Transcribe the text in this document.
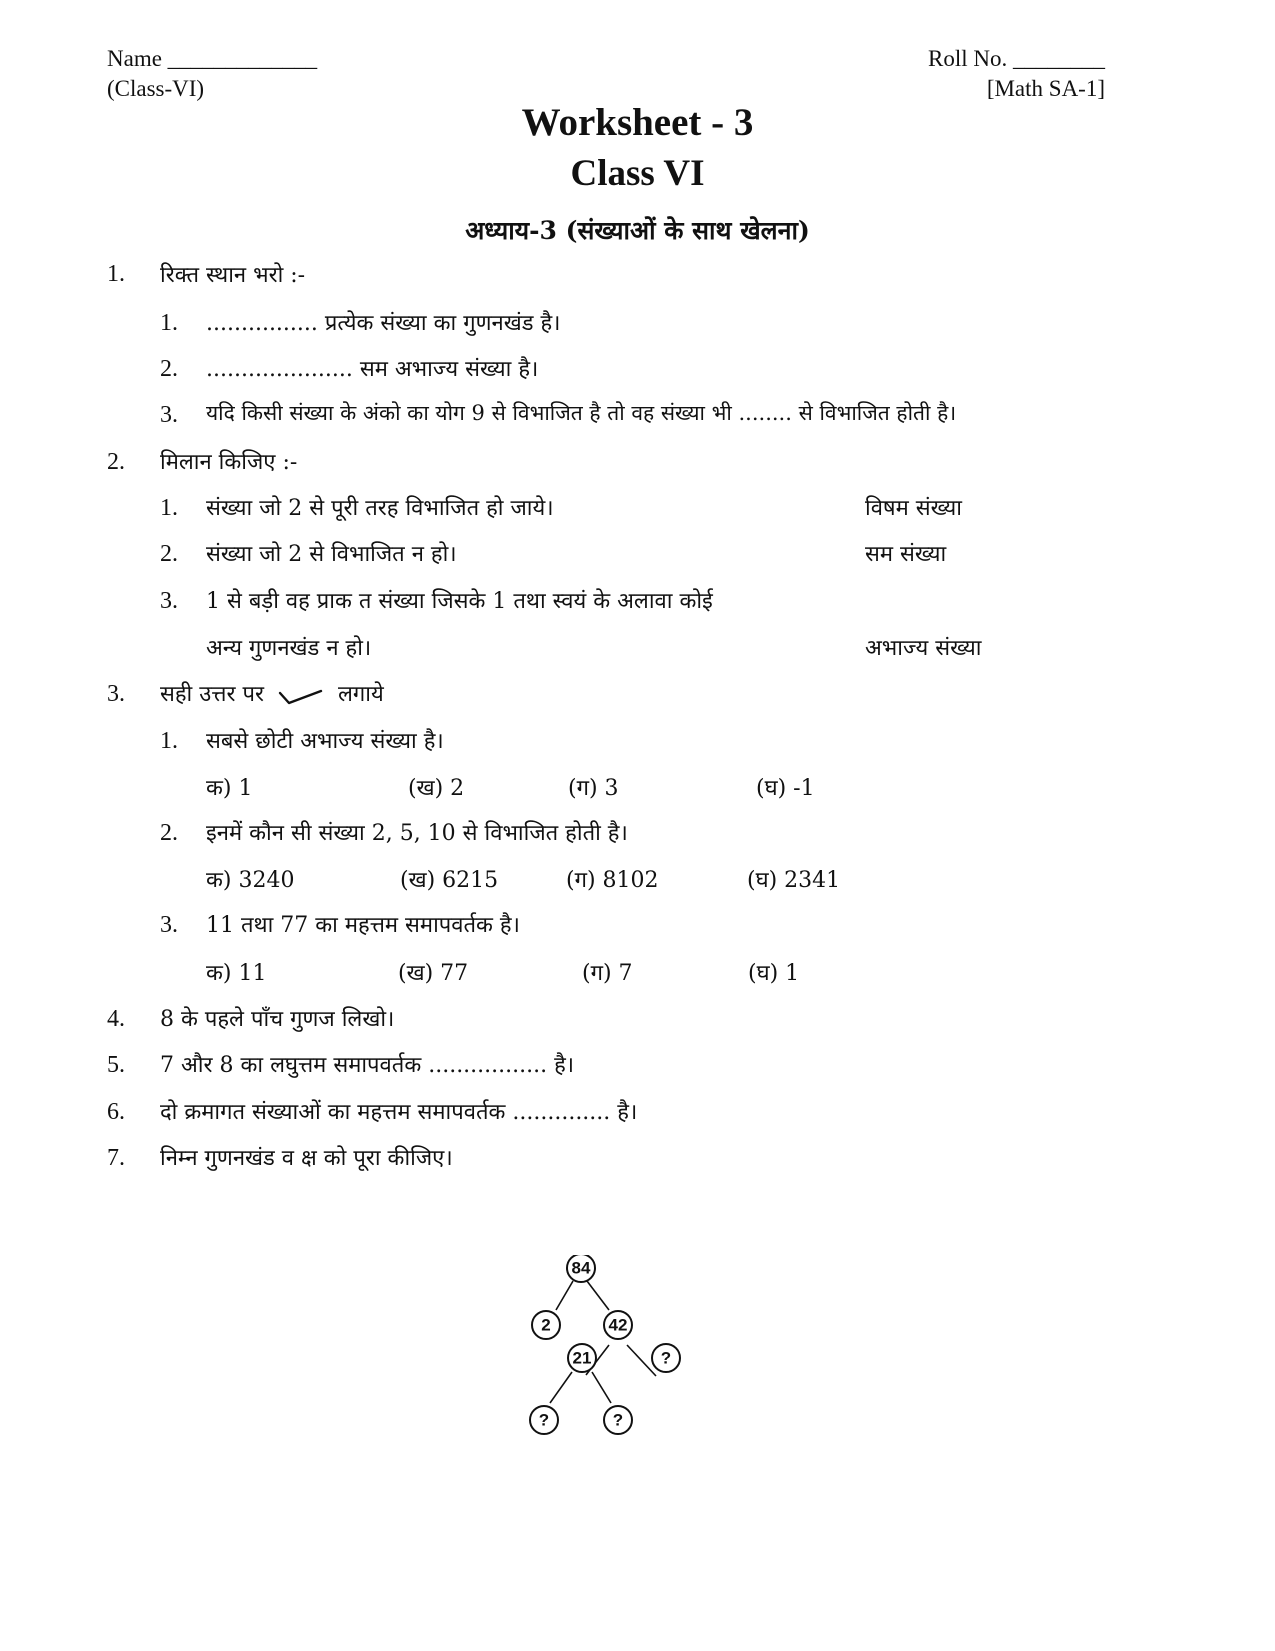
Name _____________
(Class-VI)
Roll No. ________
[Math SA-1]
Worksheet - 3
Class VI
अध्याय-3 (संख्याओं के साथ खेलना)
1. रिक्त स्थान भरो :-
1. ................ प्रत्येक संख्या का गुणनखंड है।
2. ..................... सम अभाज्य संख्या है।
3. यदि किसी संख्या के अंको का योग 9 से विभाजित है तो वह संख्या भी ........ से विभाजित होती है।
2. मिलान किजिए :-
1. संख्या जो 2 से पूरी तरह विभाजित हो जाये।	विषम संख्या
2. संख्या जो 2 से विभाजित न हो।	सम संख्या
3. 1 से बड़ी वह प्राक त संख्या जिसके 1 तथा स्वयं के अलावा कोई
अन्य गुणनखंड न हो।	अभाज्य संख्या
3. सही उत्तर पर	लगाये
1. सबसे छोटी अभाज्य संख्या है।
क) 1	(ख) 2	(ग) 3	(घ) -1
2. इनमें कौन सी संख्या 2, 5, 10 से विभाजित होती है।
क) 3240	(ख) 6215	(ग) 8102	(घ) 2341
3. 11 तथा 77 का महत्तम समापवर्तक है।
क) 11	(ख) 77	(ग) 7	(घ) 1
4. 8 के पहले पाँच गुणज लिखो।
5. 7 और 8 का लघुत्तम समापवर्तक ................. है।
6. दो क्रमागत संख्याओं का महत्तम समापवर्तक .............. है।
7. निम्न गुणनखंड व क्ष को पूरा कीजिए।
84
2	42
21	?
?	?
